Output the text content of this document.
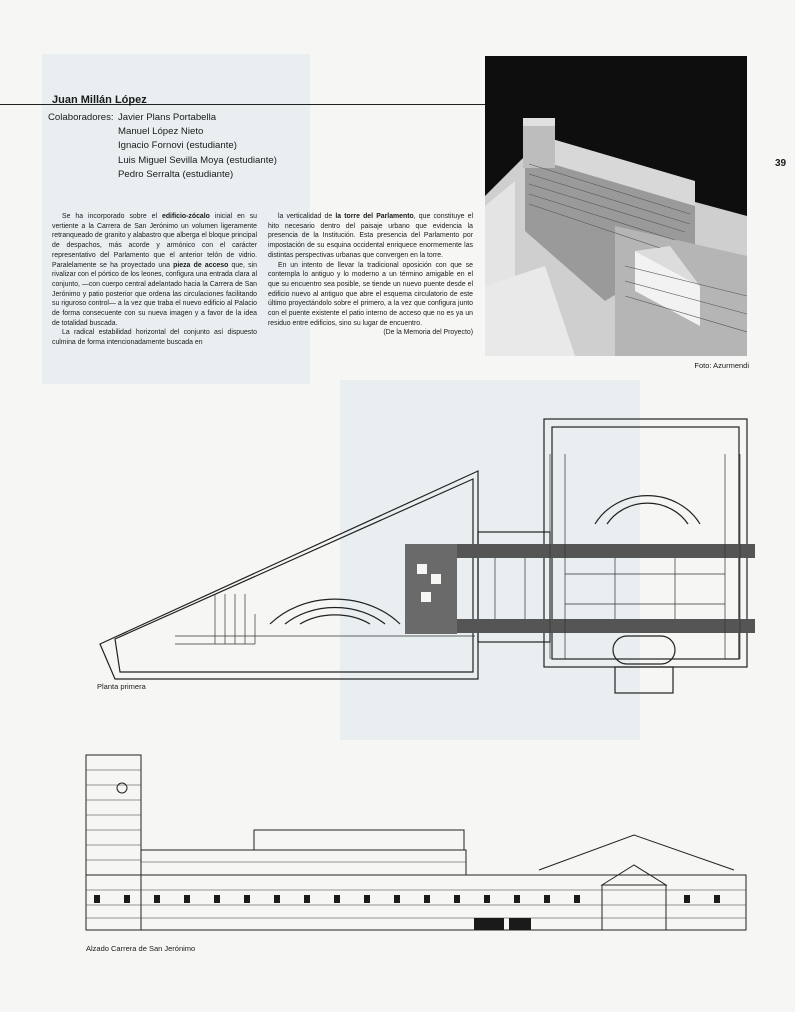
Juan Millán López
Colaboradores: Javier Plans Portabella
Manuel López Nieto
Ignacio Fornovi (estudiante)
Luis Miguel Sevilla Moya (estudiante)
Pedro Serralta (estudiante)

Se ha incorporado sobre el edificio-zócalo inicial en su vertiente a la Carrera de San Jerónimo un volumen ligeramente retranqueado de granito y alabastro que alberga el bloque principal de despachos, más acorde y armónico con el carácter representativo del Parlamento que el anterior telón de vidrio. Paralelamente se ha proyectado una pieza de acceso que, sin rivalizar con el pórtico de los leones, configura una entrada clara al conjunto, —con cuerpo central adelantado hacia la Carrera de San Jerónimo y patio posterior que ordena las circulaciones facilitando su riguroso control— a la vez que traba el nuevo edificio al Palacio de forma consecuente con su nueva imagen y a favor de la idea de totalidad buscada.

La radical estabilidad horizontal del conjunto así dispuesto culmina de forma intencionadamente buscada en

la verticalidad de la torre del Parlamento, que constituye el hito necesario dentro del paisaje urbano que evidencia la presencia de la Institución. Esta presencia del Parlamento por impostación de su esquina occidental enriquece enormemente las distintas perspectivas urbanas que convergen en la torre.

En un intento de llevar la tradicional oposición con que se contempla lo antiguo y lo moderno a un término amigable en el que su encuentro sea posible, se tiende un nuevo puente desde el edificio nuevo al antiguo que abre el esquema circulatorio de este último proyectándolo sobre el primero, a la vez que configura junto con el puente existente el patio interno de acceso que no es ya un residuo entre edificios, sino su lugar de encuentro.

(De la Memoria del Proyecto)

Foto: Azurmendi
39
Planta primera
Alzado Carrera de San Jerónimo
